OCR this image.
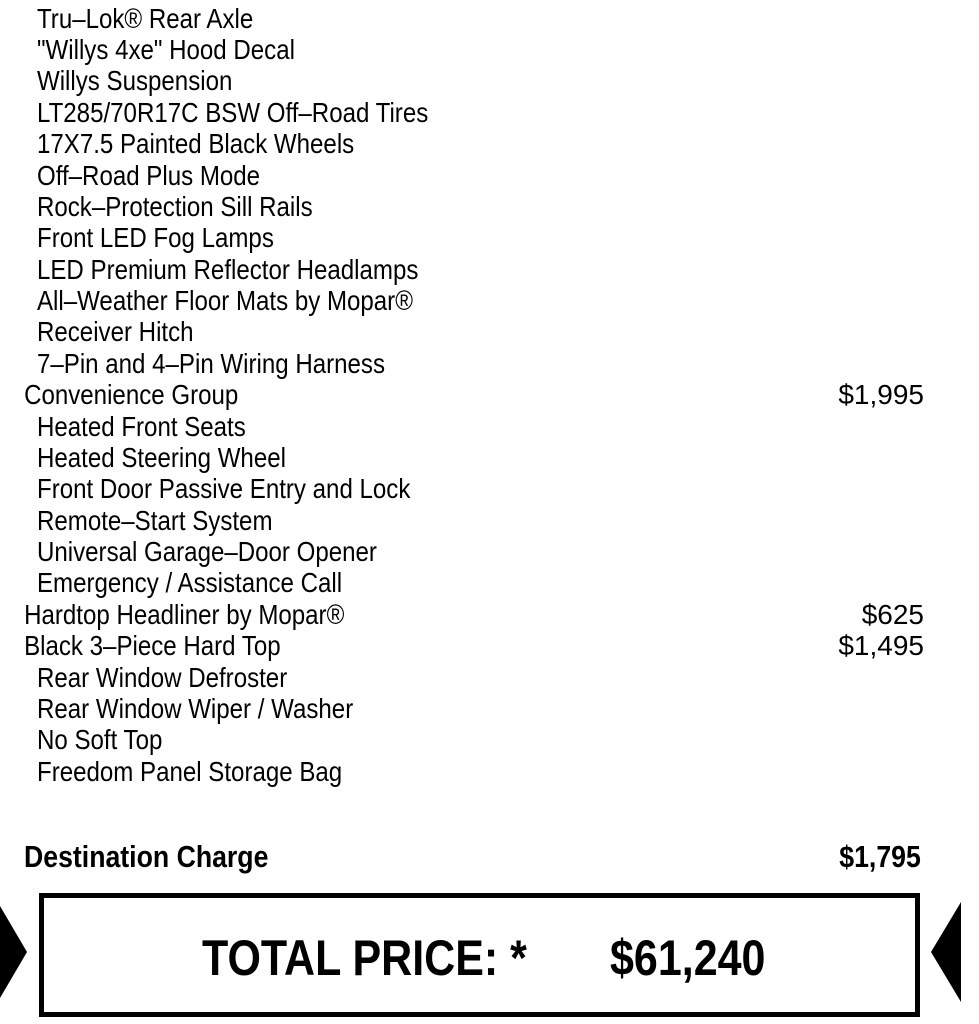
Tru–Lok® Rear Axle
"Willys 4xe" Hood Decal
Willys Suspension
LT285/70R17C BSW Off–Road Tires
17X7.5 Painted Black Wheels
Off–Road Plus Mode
Rock–Protection Sill Rails
Front LED Fog Lamps
LED Premium Reflector Headlamps
All–Weather Floor Mats by Mopar®
Receiver Hitch
7–Pin and 4–Pin Wiring Harness
Convenience Group
Heated Front Seats
Heated Steering Wheel
Front Door Passive Entry and Lock
Remote–Start System
Universal Garage–Door Opener
Emergency / Assistance Call
Hardtop Headliner by Mopar®
Black 3–Piece Hard Top
Rear Window Defroster
Rear Window Wiper / Washer
No Soft Top
Freedom Panel Storage Bag
$1,995
$625
$1,495
Destination Charge	$1,795
TOTAL PRICE: * $61,240
